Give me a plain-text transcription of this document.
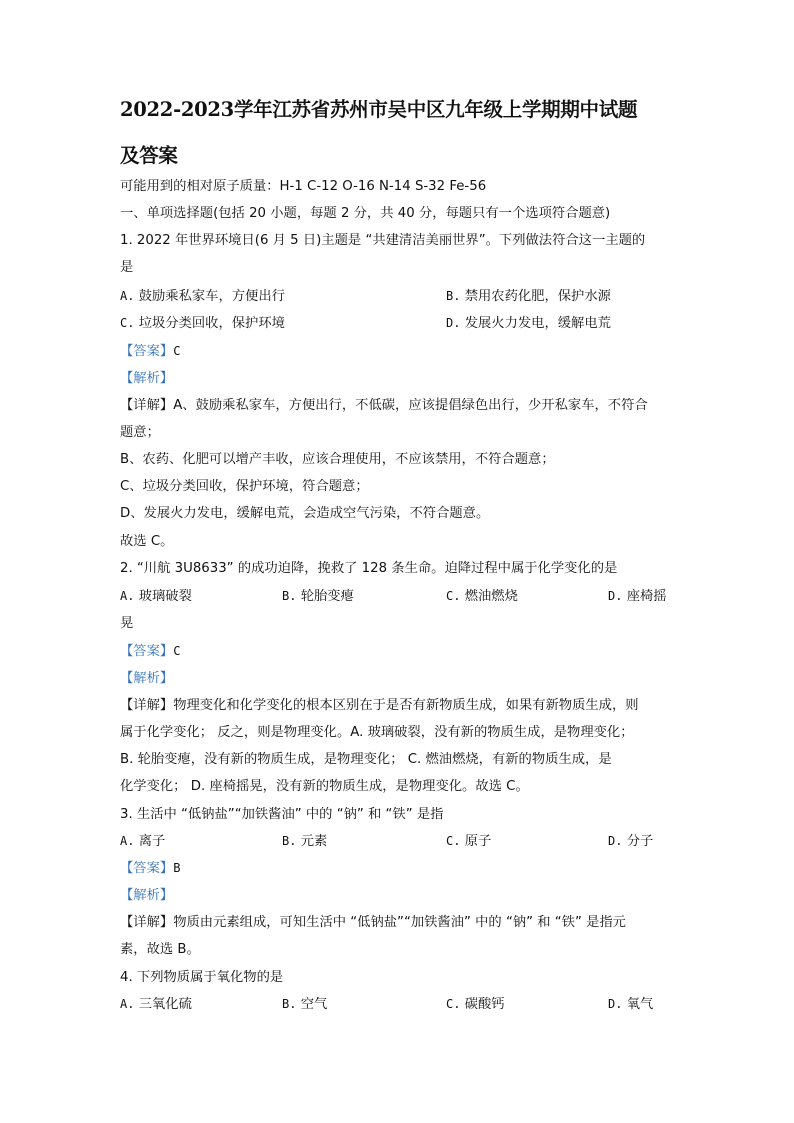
2022-2023学年江苏省苏州市吴中区九年级上学期期中试题
及答案
可能用到的相对原子质量：H-1 C-12 O-16 N-14 S-32 Fe-56
一、单项选择题(包括 20 小题，每题 2 分，共 40 分，每题只有一个选项符合题意)
1. 2022 年世界环境日(6 月 5 日)主题是 “共建清洁美丽世界”。下列做法符合这一主题的
是
A. 鼓励乘私家车，方便出行	B. 禁用农药化肥，保护水源
C. 垃圾分类回收，保护环境	D. 发展火力发电，缓解电荒
【答案】C
【解析】
【详解】A、鼓励乘私家车，方便出行，不低碳，应该提倡绿色出行，少开私家车，不符合
题意；
B、农药、化肥可以增产丰收，应该合理使用，不应该禁用，不符合题意；
C、垃圾分类回收，保护环境，符合题意；
D、发展火力发电，缓解电荒，会造成空气污染，不符合题意。
故选 C。
2. “川航 3U8633” 的成功迫降，挽救了 128 条生命。迫降过程中属于化学变化的是
A. 玻璃破裂	B. 轮胎变瘪	C. 燃油燃烧	D. 座椅摇
晃
【答案】C
【解析】
【详解】物理变化和化学变化的根本区别在于是否有新物质生成，如果有新物质生成，则
属于化学变化； 反之，则是物理变化。A. 玻璃破裂，没有新的物质生成，是物理变化；
B. 轮胎变瘪，没有新的物质生成，是物理变化； C. 燃油燃烧，有新的物质生成，是
化学变化； D. 座椅摇晃，没有新的物质生成，是物理变化。故选 C。
3. 生活中 “低钠盐”“加铁酱油” 中的 “钠” 和 “铁” 是指
A. 离子	B. 元素	C. 原子	D. 分子
【答案】B
【解析】
【详解】物质由元素组成，可知生活中 “低钠盐”“加铁酱油” 中的 “钠” 和 “铁” 是指元
素，故选 B。
4. 下列物质属于氧化物的是
A. 三氧化硫	B. 空气	C. 碳酸钙	D. 氧气
